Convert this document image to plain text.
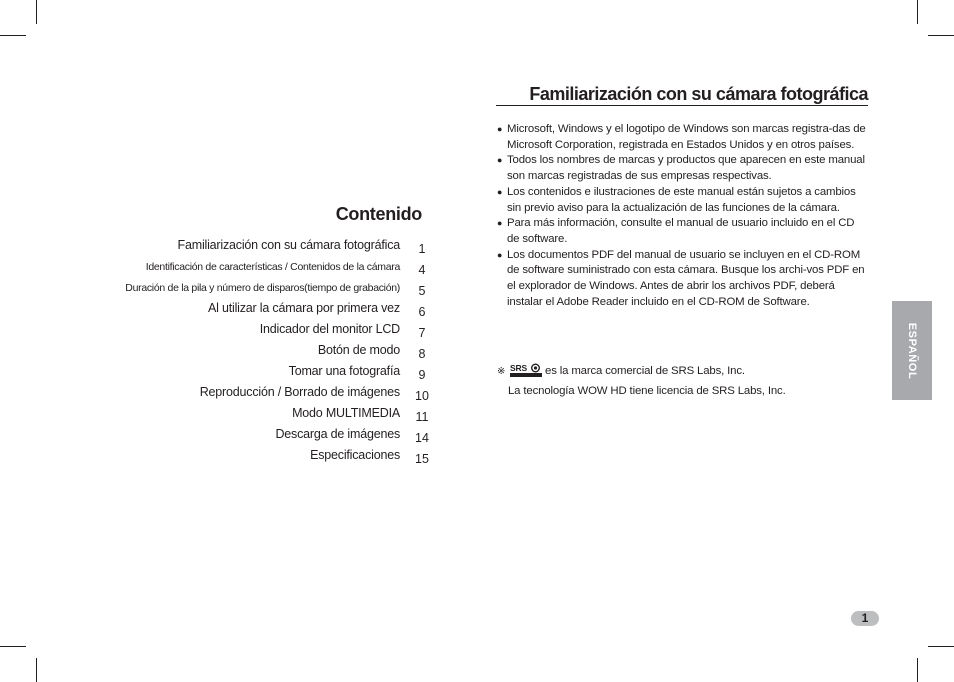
Contenido
Familiarización con su cámara fotográfica	1
Identificación de características / Contenidos de la cámara	4
Duración de la pila y número de disparos(tiempo de grabación)	5
Al utilizar la cámara por primera vez	6
Indicador del monitor LCD	7
Botón de modo	8
Tomar una fotografía	9
Reproducción / Borrado de imágenes	10
Modo MULTIMEDIA	11
Descarga de imágenes	14
Especificaciones	15
Familiarización con su cámara fotográfica
● Microsoft, Windows y el logotipo de Windows son marcas registra-das de Microsoft Corporation, registrada en Estados Unidos y en otros países.
● Todos los nombres de marcas y productos que aparecen en este manual son marcas registradas de sus empresas respectivas.
● Los contenidos e ilustraciones de este manual están sujetos a cambios sin previo aviso para la actualización de las funciones de la cámara.
● Para más información, consulte el manual de usuario incluido en el CD de software.
● Los documentos PDF del manual de usuario se incluyen en el CD-ROM de software suministrado con esta cámara. Busque los archi-vos PDF en el explorador de Windows. Antes de abrir los archivos PDF, deberá instalar el Adobe Reader incluido en el CD-ROM de Software.
※ SRS es la marca comercial de SRS Labs, Inc.
La tecnología WOW HD tiene licencia de SRS Labs, Inc.
ESPAÑOL
1
